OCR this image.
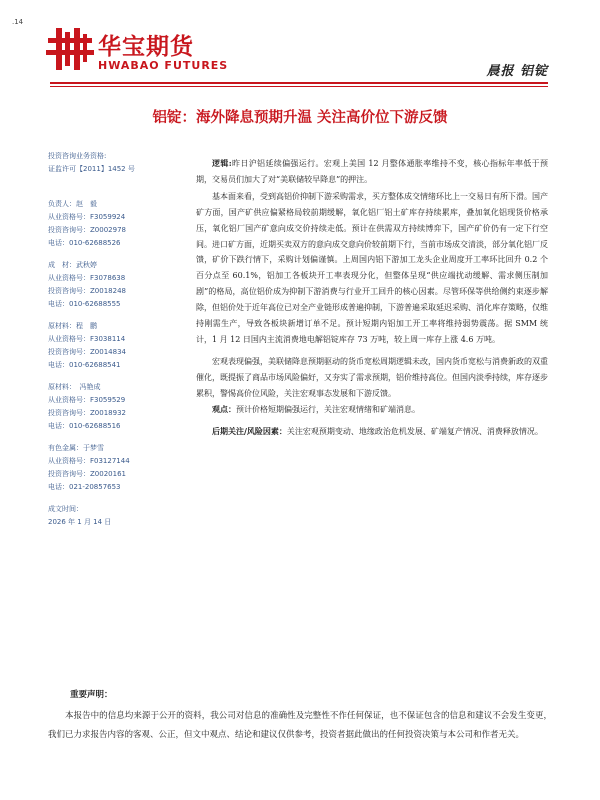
.14
华宝期货
HWABAO FUTURES	晨报 铝锭
铝锭：海外降息预期升温 关注高价位下游反馈
投资咨询业务资格:
证监许可【2011】1452 号
负责人：赵　毅
从业资格号：F3059924
投资咨询号：Z0002978
电话：010-62688526
成　材：武秋婷
从业资格号：F3078638
投资咨询号：Z0018248
电话：010-62688555
原材料：程　鹏
从业资格号：F3038114
投资咨询号：Z0014834
电话：010-62688541
原材料：　冯艳成
从业资格号：F3059529
投资咨询号：Z0018932
电话：010-62688516
有色金属：于梦雪
从业资格号：F03127144
投资咨询号：Z0020161
电话：021-20857653
成文时间：
2026 年 1 月 14 日

逻辑:昨日沪铝延续偏强运行。宏观上美国 12 月整体通胀率维持不变，核心指标年率低于预期，交易员们加大了对“美联储较早降息”的押注。

基本面来看，受到高铝价抑制下游采购需求，买方整体成交情绪环比上一交易日有所下滑。国产矿方面，国产矿供应偏紧格局较前期缓解，氧化铝厂铝土矿库存持续累库，叠加氧化铝现货价格承压，氧化铝厂国产矿意向成交价持续走低。预计在供需双方持续博弈下，国产矿价仍有一定下行空间。进口矿方面，近期买卖双方的意向成交意向价较前期下行，当前市场成交清淡，部分氧化铝厂反馈，矿价下跌行情下，采购计划偏谨慎。上周国内铝下游加工龙头企业周度开工率环比回升 0.2 个百分点至 60.1%，铝加工各板块开工率表现分化，但整体呈现“供应端扰动缓解、需求侧压制加剧”的格局，高位铝价成为抑制下游消费与行业开工回升的核心因素。尽管环保等供给侧约束逐步解除，但铝价处于近年高位已对全产业链形成普遍抑制，下游普遍采取延迟采购、消化库存策略，仅维持刚需生产，导致各板块新增订单不足。预计短期内铝加工开工率将维持弱势震荡。据 SMM 统计，1 月 12 日国内主流消费地电解铝锭库存 73 万吨，较上周一库存上涨 4.6 万吨。

宏观表现偏强，美联储降息预期驱动的货币宽松周期逻辑未改，国内货币宽松与消费新政的双重催化，既提振了商品市场风险偏好，又夯实了需求预期，铝价维持高位。但国内淡季持续，库存逐步累积，警惕高价位风险，关注宏观事态发展和下游反馈。

观点：预计价格短期偏强运行，关注宏观情绪和矿端消息。

后期关注/风险因素：关注宏观预期变动、地缘政治危机发展、矿端复产情况、消费释放情况。

重要声明：
本报告中的信息均来源于公开的资料，我公司对信息的准确性及完整性不作任何保证，也不保证包含的信息和建议不会发生变更，我们已力求报告内容的客观、公正，但文中观点、结论和建议仅供参考，投资者据此做出的任何投资决策与本公司和作者无关。
